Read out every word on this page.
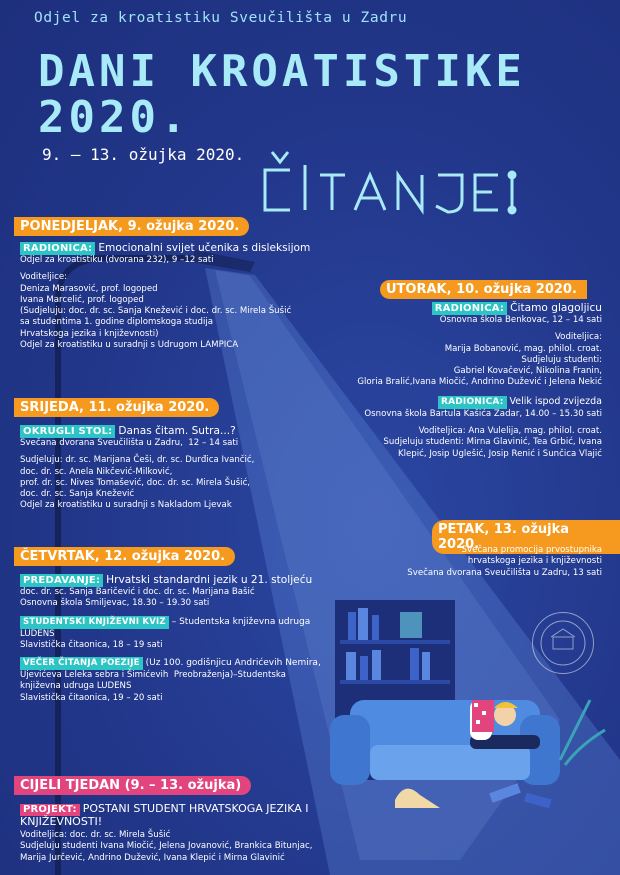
Odjel za kroatistiku Sveučilišta u Zadru
DANI KROATISTIKE
2020.
9. – 13. ožujka 2020.
PONEDJELJAK, 9. ožujka 2020.
RADIONICA: Emocionalni svijet učenika s disleksijom
Odjel za kroatistiku (dvorana 232), 9 –12 sati
Voditeljice:
Deniza Marasović, prof. logoped
Ivana Marcelić, prof. logoped
(Sudjeluju: doc. dr. sc. Sanja Knežević i doc. dr. sc. Mirela Šušić
sa studentima 1. godine diplomskoga studija
Hrvatskoga jezika i književnosti)
Odjel za kroatistiku u suradnji s Udrugom LAMPICA
UTORAK, 10. ožujka 2020.
RADIONICA: Čitamo glagoljicu
Osnovna škola Benkovac, 12 – 14 sati
Voditeljica:
Marija Bobanović, mag. philol. croat.
Sudjeluju studenti:
Gabriel Kovačević, Nikolina Franin,
Gloria Bralić,Ivana Miočić, Andrino Dužević i Jelena Nekić
RADIONICA: Velik ispod zvijezda
Osnovna škola Bartula Kašića Zadar, 14.00 – 15.30 sati
Voditeljica: Ana Vulelija, mag. philol. croat.
Sudjeluju studenti: Mirna Glavinić, Tea Grbić, Ivana
Klepić, Josip Uglešić, Josip Renić i Sunčica Vlajić
SRIJEDA, 11. ožujka 2020.
OKRUGLI STOL: Danas čitam. Sutra...?
Svečana dvorana Sveučilišta u Zadru,  12 – 14 sati
Sudjeluju: dr. sc. Marijana Češi, dr. sc. Durđica Ivančić,
doc. dr. sc. Anela Nikčević-Milković,
prof. dr. sc. Nives Tomašević, doc. dr. sc. Mirela Šušić,
doc. dr. sc. Sanja Knežević
Odjel za kroatistiku u suradnji s Nakladom Ljevak
PETAK, 13. ožujka 2020.
Svečana promocija prvostupnika
hrvatskoga jezika i književnosti
Svečana dvorana Sveučilišta u Zadru, 13 sati
ČETVRTAK, 12. ožujka 2020.
PREDAVANJE: Hrvatski standardni jezik u 21. stoljeću
doc. dr. sc. Sanja Baričević i doc. dr. sc. Marijana Bašić
Osnovna škola Smiljevac, 18.30 – 19.30 sati
STUDENTSKI KNJIŽEVNI KVIZ – Studentska književna udruga
LUDENS
Slavistička čitaonica, 18 – 19 sati
VEČER ČITANJA POEZIJE (Uz 100. godišnjicu Andrićevih Nemira,
Ujevićeva Leleka sebra i Šimićevih  Preobraženja)–Studentska
književna udruga LUDENS
Slavistička čitaonica, 19 – 20 sati
CIJELI TJEDAN (9. – 13. ožujka)
PROJEKT: POSTANI STUDENT HRVATSKOGA JEZIKA I
KNJIŽEVNOSTI!
Voditeljica: doc. dr. sc. Mirela Šušić
Sudjeluju studenti Ivana Miočić, Jelena Jovanović, Brankica Bitunjac,
Marija Jurčević, Andrino Dužević, Ivana Klepić i Mirna Glavinić
